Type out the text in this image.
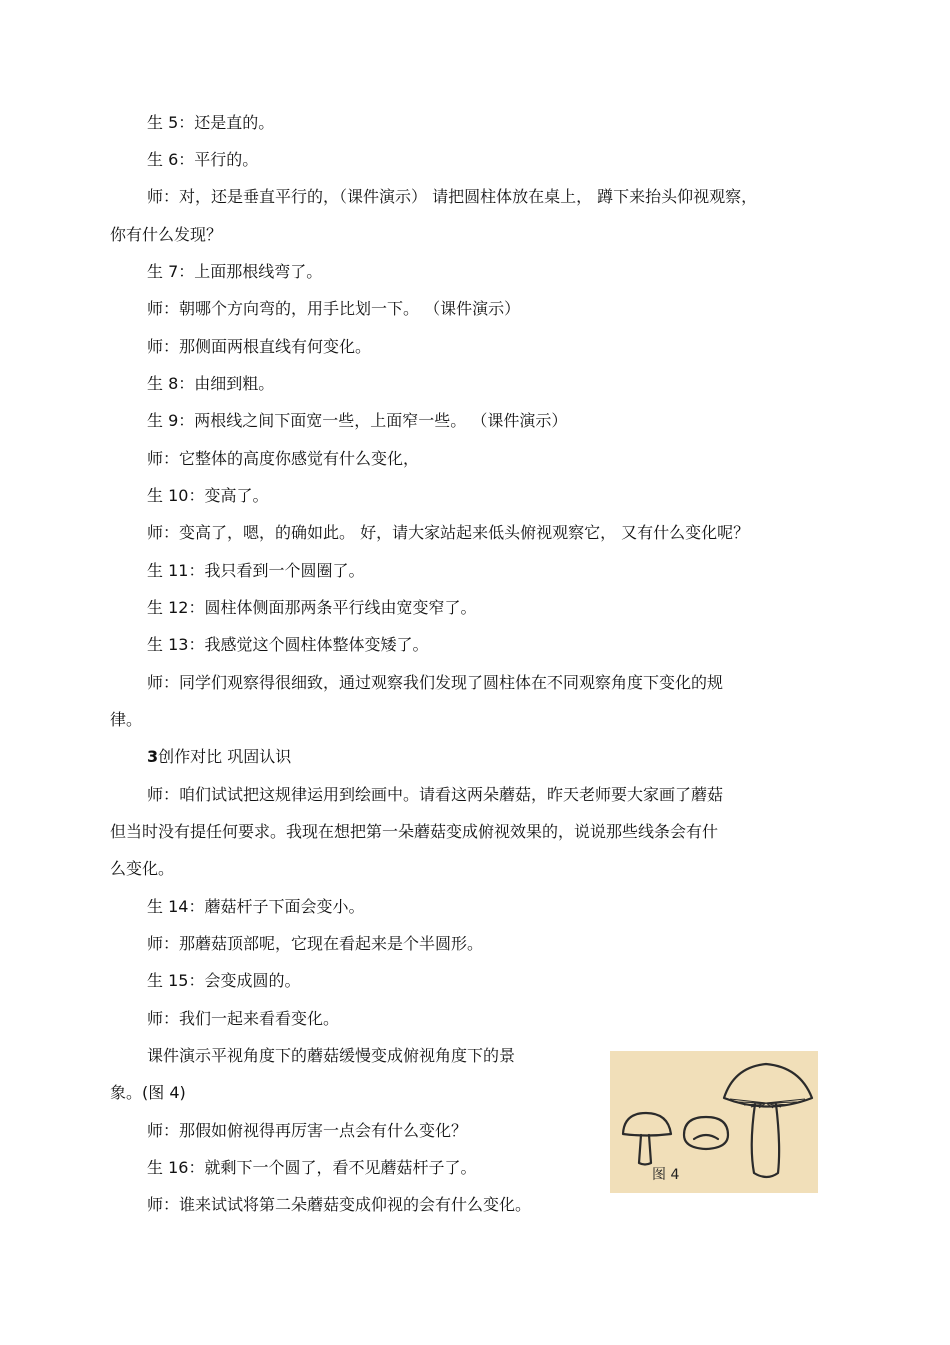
生 5：还是直的。
生 6：平行的。
师：对，还是垂直平行的，（课件演示） 请把圆柱体放在桌上， 蹲下来抬头仰视观察，
你有什么发现？
生 7：上面那根线弯了。
师：朝哪个方向弯的，用手比划一下。 （课件演示）
师：那侧面两根直线有何变化。
生 8：由细到粗。
生 9：两根线之间下面宽一些，上面窄一些。 （课件演示）
师：它整体的高度你感觉有什么变化，
生 10：变高了。
师：变高了，嗯，的确如此。 好，请大家站起来低头俯视观察它， 又有什么变化呢？
生 11：我只看到一个圆圈了。
生 12：圆柱体侧面那两条平行线由宽变窄了。
生 13：我感觉这个圆柱体整体变矮了。
师：同学们观察得很细致，通过观察我们发现了圆柱体在不同观察角度下变化的规
律。
3创作对比 巩固认识
师：咱们试试把这规律运用到绘画中。请看这两朵蘑菇，昨天老师要大家画了蘑菇
但当时没有提任何要求。我现在想把第一朵蘑菇变成俯视效果的，说说那些线条会有什
么变化。
生 14：蘑菇杆子下面会变小。
师：那蘑菇顶部呢，它现在看起来是个半圆形。
生 15：会变成圆的。
师：我们一起来看看变化。
课件演示平视角度下的蘑菇缓慢变成俯视角度下的景
象。(图 4)
师：那假如俯视得再厉害一点会有什么变化？
生 16：就剩下一个圆了，看不见蘑菇杆子了。
师：谁来试试将第二朵蘑菇变成仰视的会有什么变化。
图 4
